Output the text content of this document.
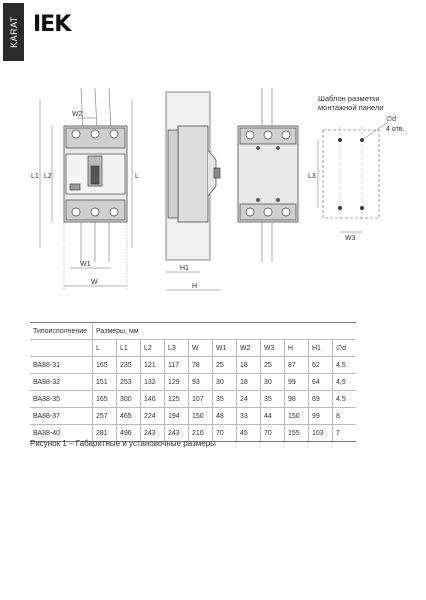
KARAT IEK
W2
L1 L2	L
W1
W
H1
H
∅d
4 отв.
L3
W3
Шаблон разметки
монтажной панели
Типоисполнение	Размеры, мм										
	L	L1	L2	L3	W	W1	W2	W3	H	H1	∅d
ВА88-31	165	235	121	117	78	25	18	25	87	62	4,5
ВА88-32	151	253	132	129	93	30	18	30	99	64	4,5
ВА88-35	165	300	146	125	107	35	24	35	98	69	4,5
ВА88-37	257	465	224	194	150	48	33	44	150	99	8
ВА88-40	281	496	243	243	210	70	45	70	155	103	7
Рисунок 1 – Габаритные и установочные размеры
